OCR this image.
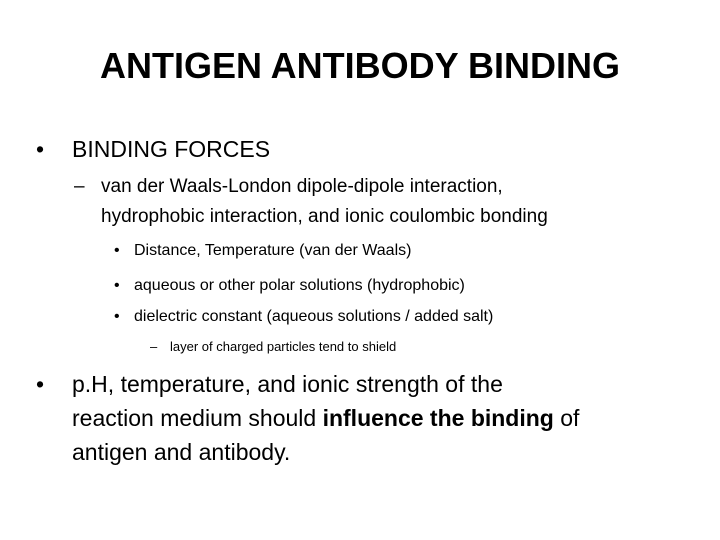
ANTIGEN ANTIBODY BINDING
• BINDING FORCES
– van der Waals-London dipole-dipole interaction,
hydrophobic interaction, and ionic coulombic bonding
• Distance, Temperature (van der Waals)
• aqueous or other polar solutions (hydrophobic)
• dielectric constant (aqueous solutions / added salt)
– layer of charged particles tend to shield
• p.H, temperature, and ionic strength of the
reaction medium should influence the binding of
antigen and antibody.
